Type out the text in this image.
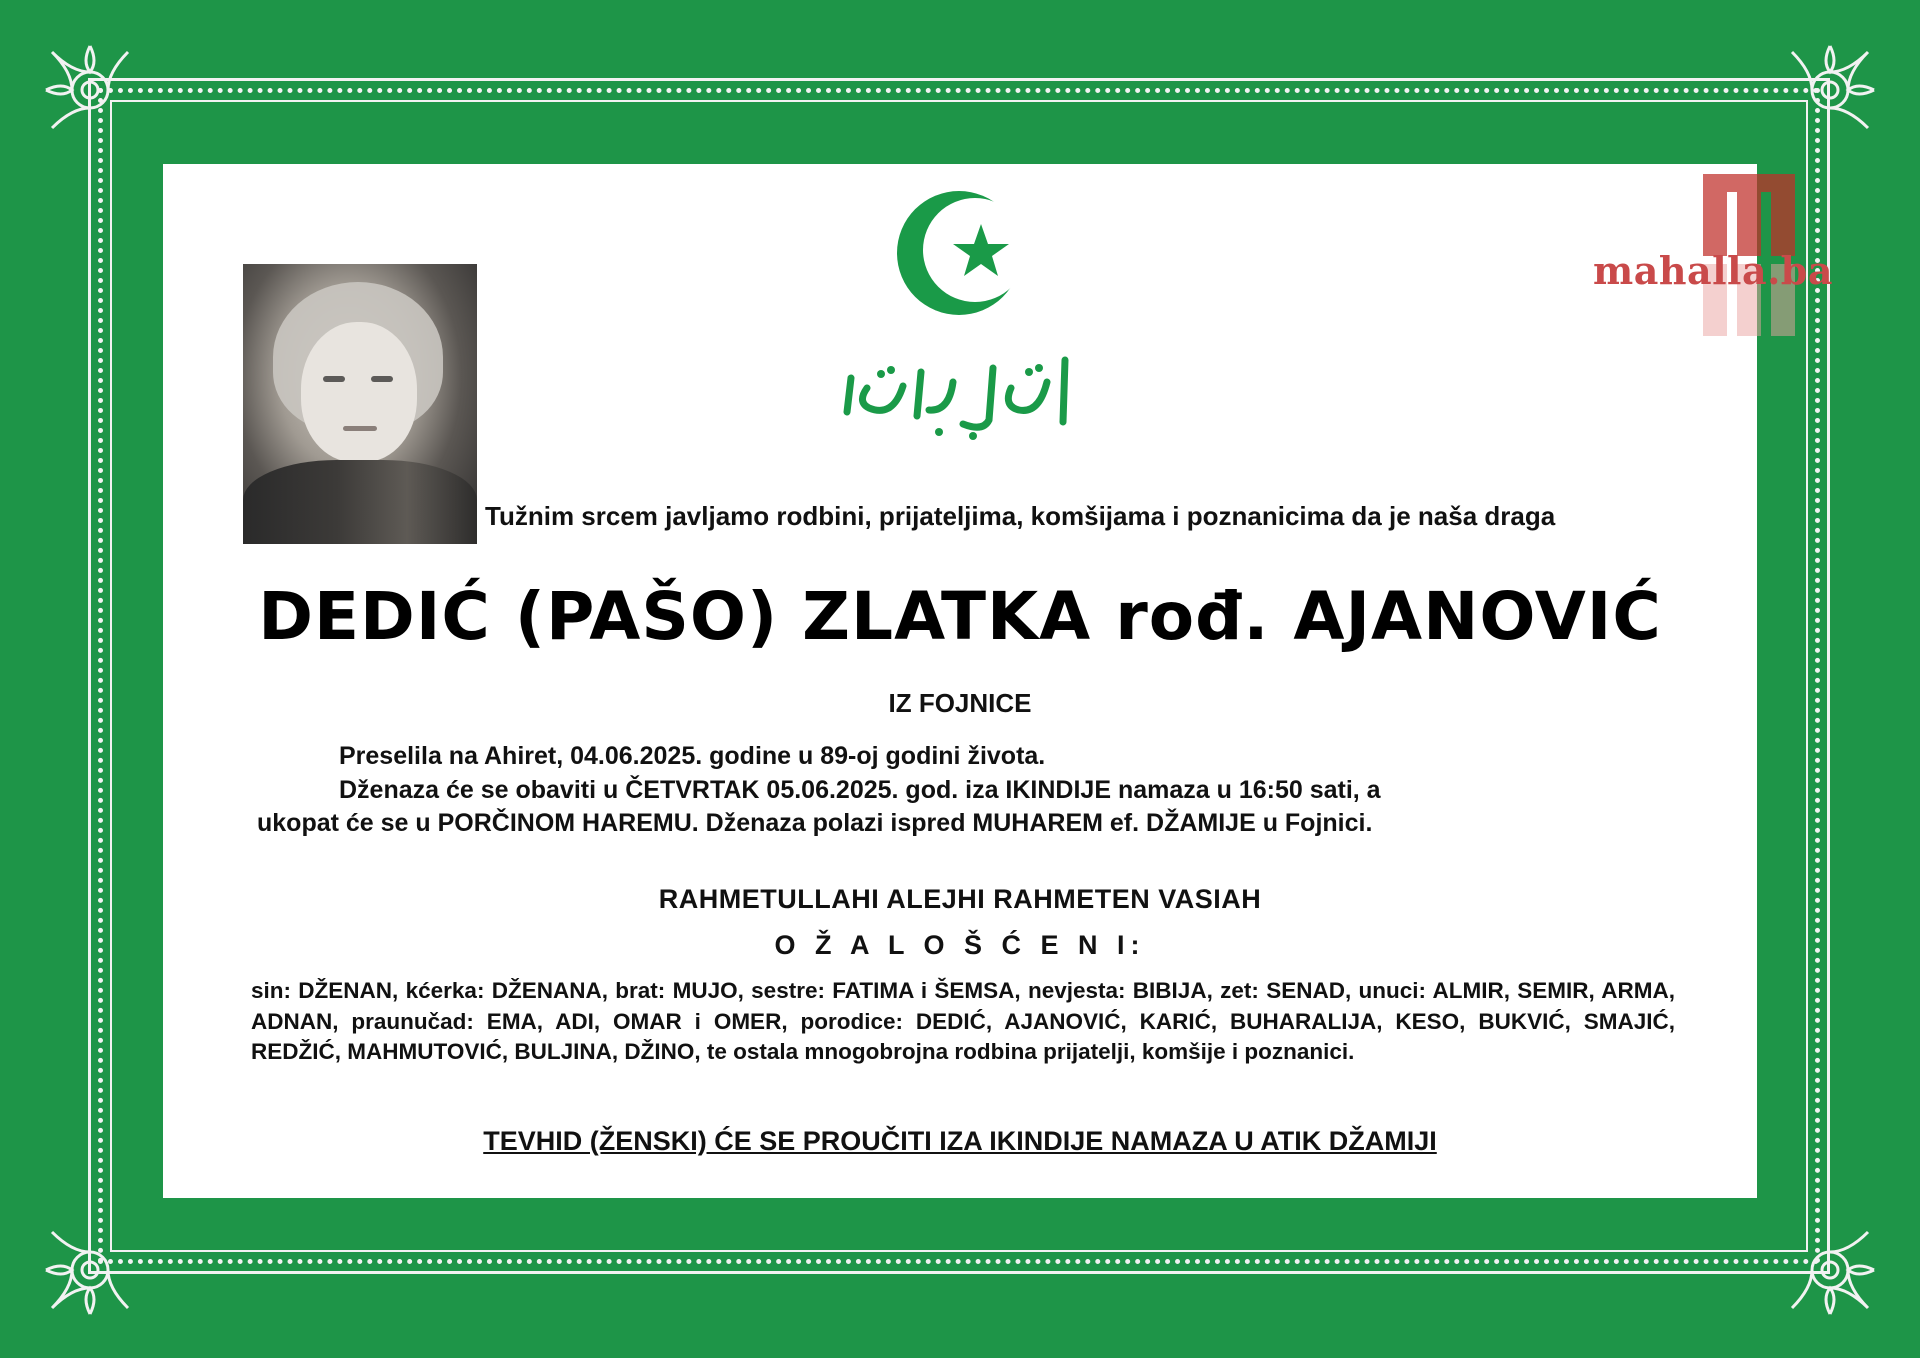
mahalla.ba
Tužnim srcem javljamo rodbini, prijateljima, komšijama i poznanicima da je naša draga
DEDIĆ (PAŠO) ZLATKA rođ. AJANOVIĆ
IZ FOJNICE
Preselila na Ahiret, 04.06.2025. godine u 89-oj godini života.
Dženaza će se obaviti u ČETVRTAK 05.06.2025. god. iza IKINDIJE namaza u 16:50 sati, a
ukopat će se u PORČINOM HAREMU. Dženaza polazi ispred MUHAREM ef. DŽAMIJE u Fojnici.
RAHMETULLAHI ALEJHI RAHMETEN VASIAH
O Ž A L O Š Ć E N I:
sin: DŽENAN, kćerka: DŽENANA, brat: MUJO, sestre: FATIMA i ŠEMSA, nevjesta: BIBIJA, zet: SENAD, unuci: ALMIR, SEMIR, ARMA, ADNAN, praunučad: EMA, ADI, OMAR i OMER, porodice: DEDIĆ, AJANOVIĆ, KARIĆ, BUHARALIJA, KESO, BUKVIĆ, SMAJIĆ, REDŽIĆ, MAHMUTOVIĆ, BULJINA, DŽINO, te ostala mnogobrojna rodbina prijatelji, komšije i poznanici.
TEVHID (ŽENSKI) ĆE SE PROUČITI IZA IKINDIJE NAMAZA U ATIK DŽAMIJI
